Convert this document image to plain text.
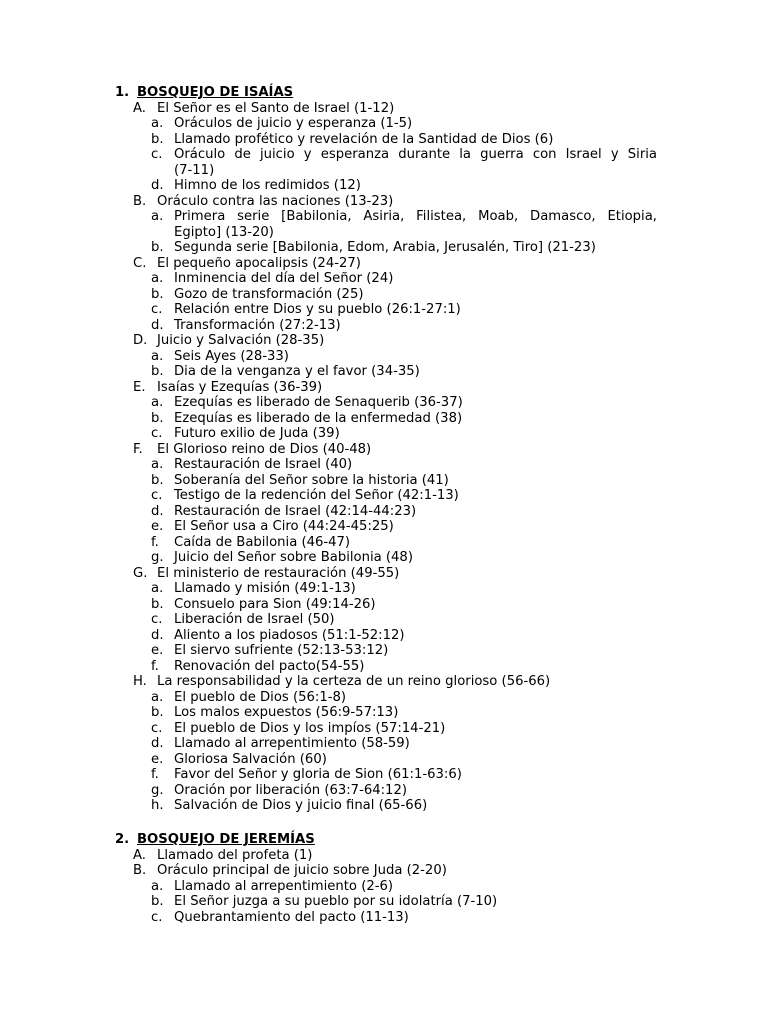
1. BOSQUEJO DE ISAÍAS
A. El Señor es el Santo de Israel (1-12)
a. Oráculos de juicio y esperanza (1-5)
b. Llamado profético y revelación de la Santidad de Dios (6)
c. Oráculo de juicio y esperanza durante la guerra con Israel y Siria
(7-11)
d. Himno de los redimidos (12)
B. Oráculo contra las naciones (13-23)
a. Primera serie [Babilonia, Asiria, Filistea, Moab, Damasco, Etiopia,
Egipto] (13-20)
b. Segunda serie [Babilonia, Edom, Arabia, Jerusalén, Tiro] (21-23)
C. El pequeño apocalipsis (24-27)
a. Inminencia del día del Señor (24)
b. Gozo de transformación (25)
c. Relación entre Dios y su pueblo (26:1-27:1)
d. Transformación (27:2-13)
D. Juicio y Salvación (28-35)
a. Seis Ayes (28-33)
b. Dia de la venganza y el favor (34-35)
E. Isaías y Ezequías (36-39)
a. Ezequías es liberado de Senaquerib (36-37)
b. Ezequías es liberado de la enfermedad (38)
c. Futuro exilio de Juda (39)
F. El Glorioso reino de Dios (40-48)
a. Restauración de Israel (40)
b. Soberanía del Señor sobre la historia (41)
c. Testigo de la redención del Señor (42:1-13)
d. Restauración de Israel (42:14-44:23)
e. El Señor usa a Ciro (44:24-45:25)
f. Caída de Babilonia (46-47)
g. Juicio del Señor sobre Babilonia (48)
G. El ministerio de restauración (49-55)
a. Llamado y misión (49:1-13)
b. Consuelo para Sion (49:14-26)
c. Liberación de Israel (50)
d. Aliento a los piadosos (51:1-52:12)
e. El siervo sufriente (52:13-53:12)
f. Renovación del pacto(54-55)
H. La responsabilidad y la certeza de un reino glorioso (56-66)
a. El pueblo de Dios (56:1-8)
b. Los malos expuestos (56:9-57:13)
c. El pueblo de Dios y los impíos (57:14-21)
d. Llamado al arrepentimiento (58-59)
e. Gloriosa Salvación (60)
f. Favor del Señor y gloria de Sion (61:1-63:6)
g. Oración por liberación (63:7-64:12)
h. Salvación de Dios y juicio final (65-66)
2. BOSQUEJO DE JEREMÍAS
A. Llamado del profeta (1)
B. Oráculo principal de juicio sobre Juda (2-20)
a. Llamado al arrepentimiento (2-6)
b. El Señor juzga a su pueblo por su idolatría (7-10)
c. Quebrantamiento del pacto (11-13)
